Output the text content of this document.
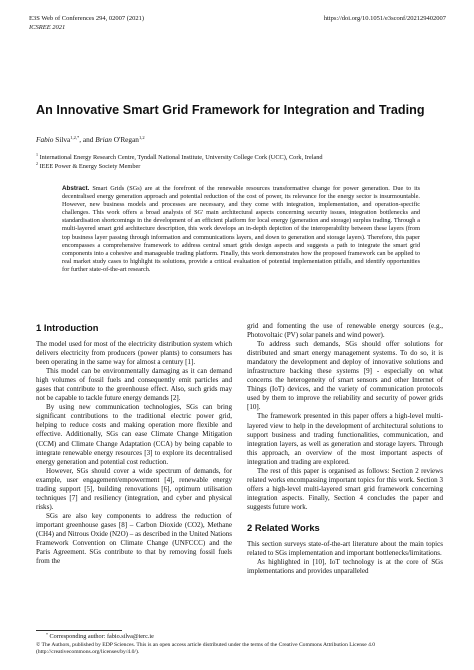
E3S Web of Conferences 294, 02007 (2021)
ICSREE 2021
https://doi.org/10.1051/e3sconf/202129402007
An Innovative Smart Grid Framework for Integration and Trading
Fabio Silva$^{1,2,*}$, and Brian O'Regan$^{1,2}$
$^1$ International Energy Research Centre, Tyndall National Institute, University College Cork (UCC), Cork, Ireland
$^2$ IEEE Power & Energy Society Member
Abstract. Smart Grids (SGs) are at the forefront of the renewable resources transformative change for power generation. Due to its decentralised energy generation approach and potential reduction of the cost of power, its relevance for the energy sector is insurmountable. However, new business models and processes are necessary, and they come with integration, implementation, and operation-specific challenges. This work offers a broad analysis of SG' main architectural aspects concerning security issues, integration bottlenecks and standardisation shortcomings in the development of an efficient platform for local energy (generation and storage) surplus trading. Through a multi-layered smart grid architecture description, this work develops an in-depth depiction of the interoperability between these layers (from top business layer passing through information and communications layers, and down to generation and storage layers). Therefore, this paper encompasses a comprehensive framework to address central smart grids design aspects and suggests a path to integrate the smart grid components into a cohesive and manageable trading platform. Finally, this work demonstrates how the proposed framework can be applied to real market study cases to highlight its solutions, provide a critical evaluation of potential implementation pitfalls, and identify opportunities for further state-of-the-art research.
1 Introduction

The model used for most of the electricity distribution system which delivers electricity from producers (power plants) to consumers has been operating in the same way for almost a century [1].

This model can be environmentally damaging as it can demand high volumes of fossil fuels and consequently emit particles and gases that contribute to the greenhouse effect. Also, such grids may not be capable to tackle future energy demands [2].

By using new communication technologies, SGs can bring significant contributions to the traditional electric power grid, helping to reduce costs and making operation more flexible and effective. Additionally, SGs can ease Climate Change Mitigation (CCM) and Climate Change Adaptation (CCA) by being capable to integrate renewable energy resources [3] to explore its decentralised energy generation and potential cost reduction.

However, SGs should cover a wide spectrum of demands, for example, user engagement/empowerment [4], renewable energy trading support [5], building renovations [6], optimum utilisation techniques [7] and resiliency (integration, and cyber and physical risks).

SGs are also key components to address the reduction of important greenhouse gases [8] – Carbon Dioxide (CO2), Methane (CH4) and Nitrous Oxide (N2O) – as described in the United Nations Framework Convention on Climate Change (UNFCCC) and the Paris Agreement. SGs contribute to that by removing fossil fuels from the

grid and fomenting the use of renewable energy sources (e.g., Photovoltaic (PV) solar panels and wind power).

To address such demands, SGs should offer solutions for distributed and smart energy management systems. To do so, it is mandatory the development and deploy of innovative solutions and infrastructure backing these systems [9] - especially on what concerns the heterogeneity of smart sensors and other Internet of Things (IoT) devices, and the variety of communication protocols used by them to improve the reliability and security of power grids [10].

The framework presented in this paper offers a high-level multi-layered view to help in the development of architectural solutions to support business and trading functionalities, communication, and integration layers, as well as generation and storage layers. Through this approach, an overview of the most important aspects of integration and trading are explored.

The rest of this paper is organised as follows: Section 2 reviews related works encompassing important topics for this work. Section 3 offers a high-level multi-layered smart grid framework concerning integration aspects. Finally, Section 4 concludes the paper and suggests future work.

2 Related Works

This section surveys state-of-the-art literature about the main topics related to SGs implementation and important bottlenecks/limitations.

As highlighted in [10], IoT technology is at the core of SGs implementations and provides unparalleled

* Corresponding author: fabio.silva@ierc.ie
© The Authors, published by EDP Sciences. This is an open access article distributed under the terms of the Creative Commons Attribution License 4.0 (http://creativecommons.org/licenses/by/4.0/).
